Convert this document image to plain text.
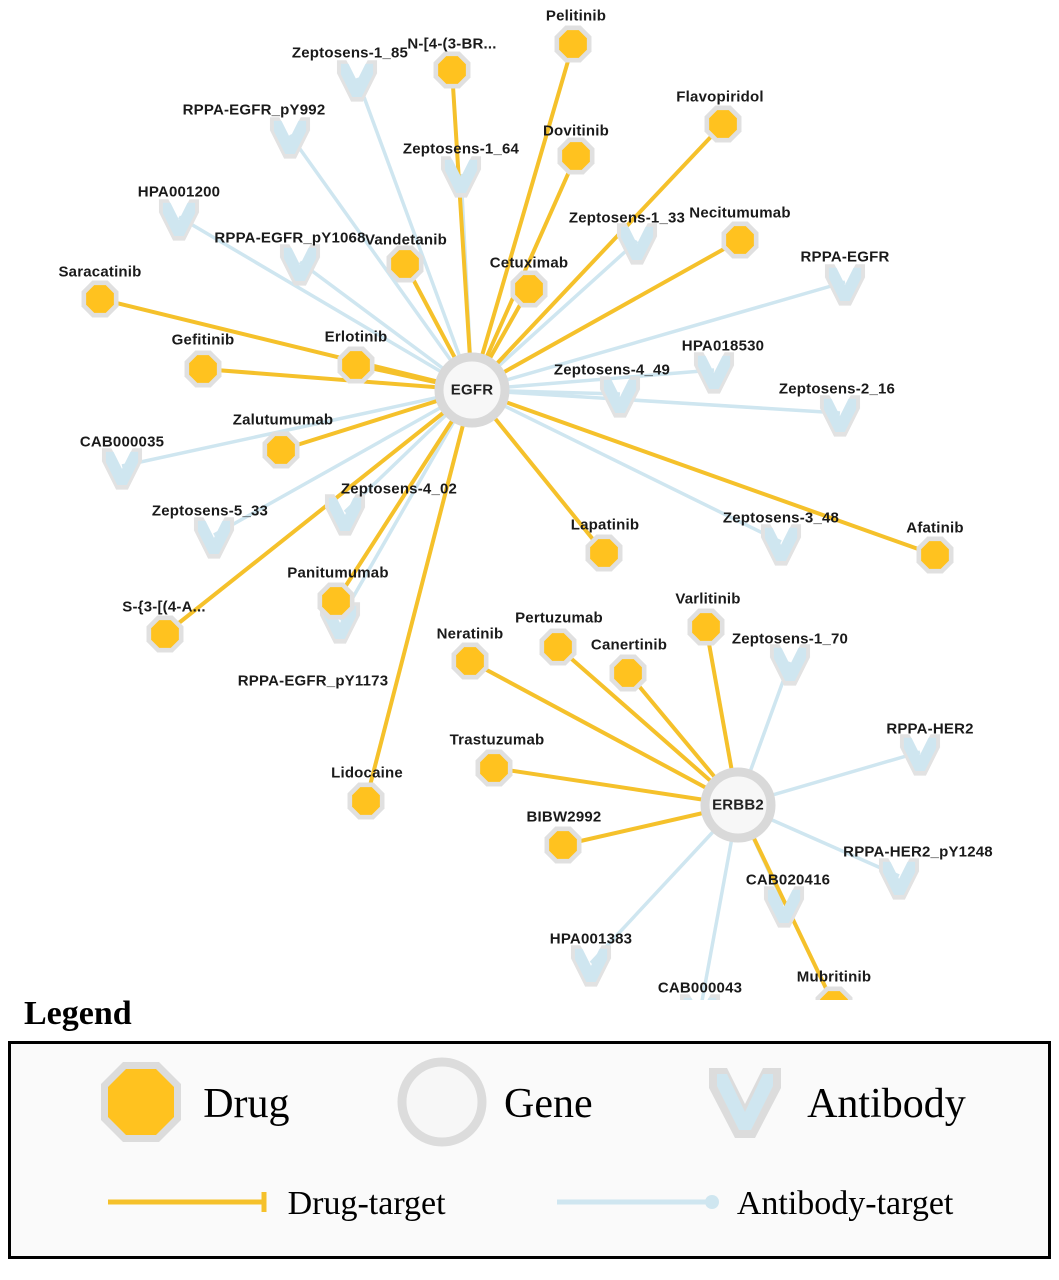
Zeptosens-1_85
RPPA-EGFR_pY992
Zeptosens-1_64
HPA001200
Zeptosens-1_33
RPPA-EGFR_pY1068
RPPA-EGFR
HPA018530
Zeptosens-4_49
Zeptosens-2_16
CAB000035
Zeptosens-4_02
Zeptosens-5_33	Zeptosens-3_48
Zeptosens-1_70
RPPA-EGFR_pY1173
RPPA-HER2
RPPA-HER2_pY1248
CAB020416
HPA001383
CAB000043
Pelitinib
N-[4-(3-BR...
Flavopiridol
Dovitinib
Vandetanib
Necitumumab
Cetuximab
Saracatinib
Erlotinib
Gefitinib
Zalutumumab
Afatinib
Lapatinib
Varlitinib
Panitumumab
S-{3-[(4-A...
Pertuzumab
Neratinib
Canertinib
Trastuzumab
Lidocaine
BIBW2992
Mubritinib
EGFR
ERBB2
Legend
Drug	Gene	Antibody
Drug-target	Antibody-target
